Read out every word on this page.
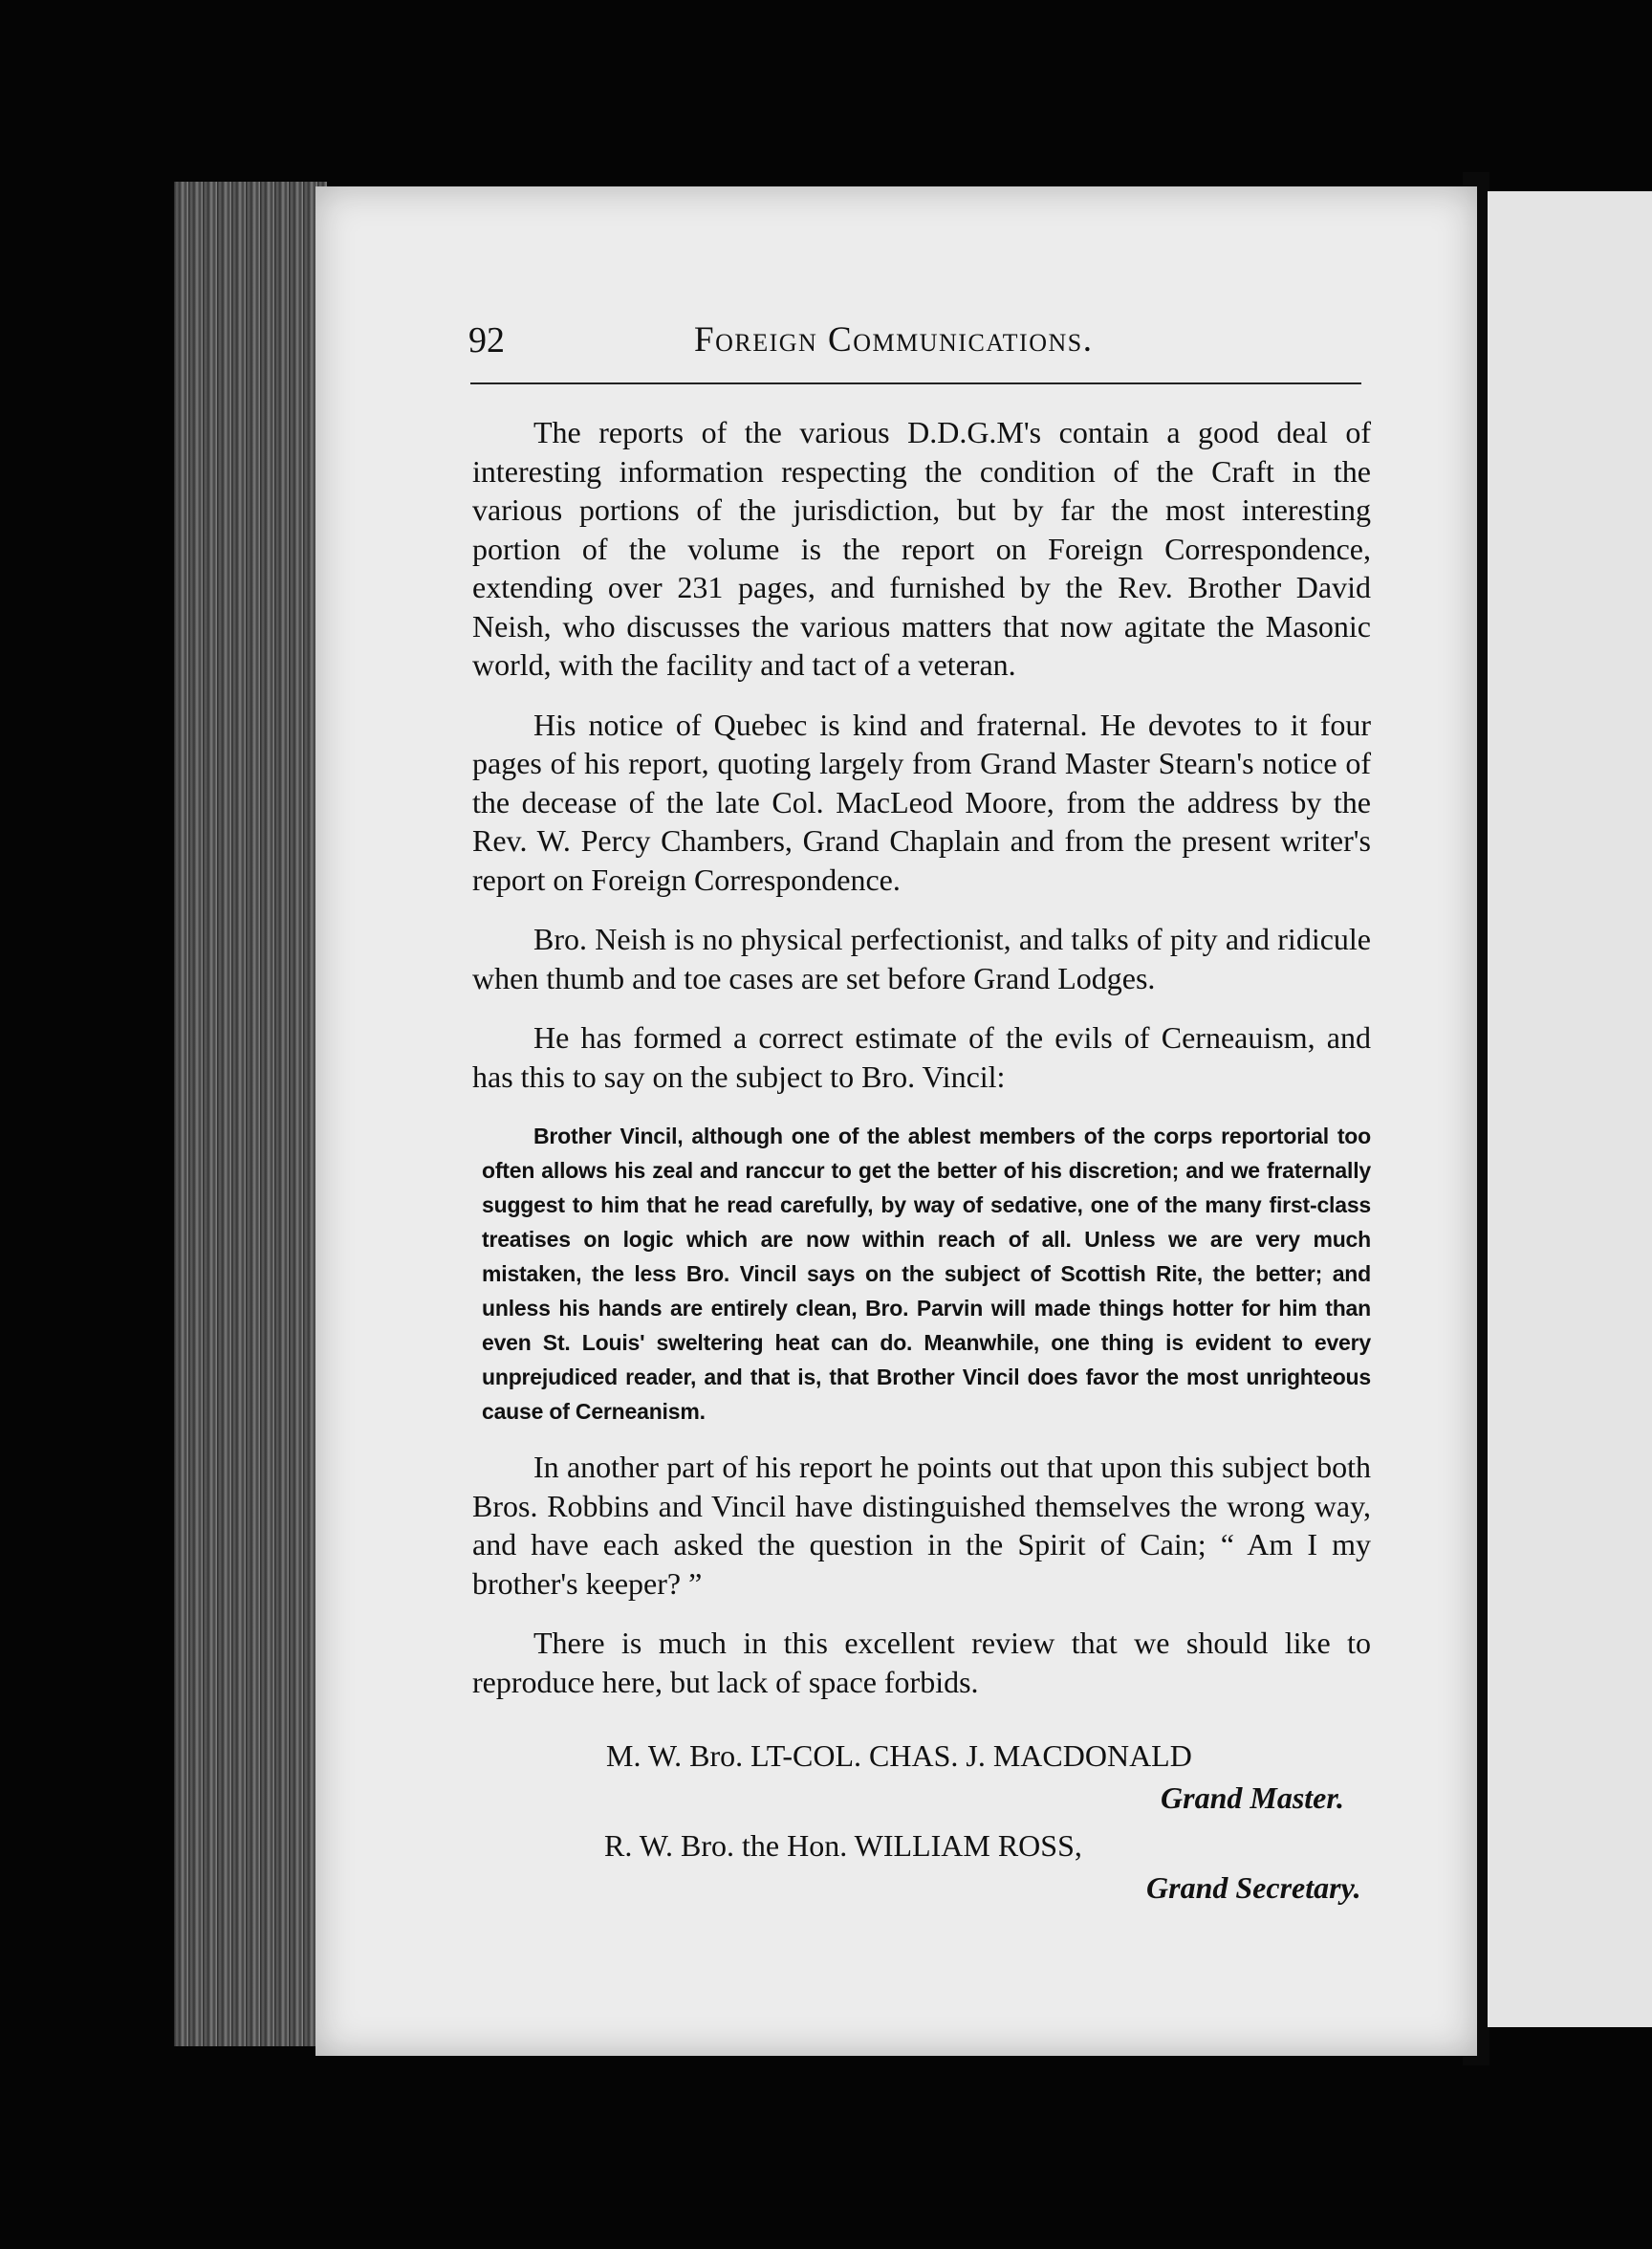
92	Foreign Communications.

The reports of the various D.D.G.M's contain a good deal of interesting information respecting the condition of the Craft in the various portions of the jurisdiction, but by far the most interesting portion of the volume is the report on Foreign Correspondence, extending over 231 pages, and furnished by the Rev. Brother David Neish, who discusses the various matters that now agitate the Masonic world, with the facility and tact of a veteran.

His notice of Quebec is kind and fraternal. He devotes to it four pages of his report, quoting largely from Grand Master Stearn's notice of the decease of the late Col. MacLeod Moore, from the address by the Rev. W. Percy Chambers, Grand Chaplain and from the present writer's report on Foreign Correspondence.

Bro. Neish is no physical perfectionist, and talks of pity and ridicule when thumb and toe cases are set before Grand Lodges.

He has formed a correct estimate of the evils of Cerneauism, and has this to say on the subject to Bro. Vincil:

Brother Vincil, although one of the ablest members of the corps reportorial too often allows his zeal and ranccur to get the better of his discretion; and we fraternally suggest to him that he read carefully, by way of sedative, one of the many first-class treatises on logic which are now within reach of all. Unless we are very much mistaken, the less Bro. Vincil says on the subject of Scottish Rite, the better; and unless his hands are entirely clean, Bro. Parvin will made things hotter for him than even St. Louis' sweltering heat can do. Meanwhile, one thing is evident to every unprejudiced reader, and that is, that Brother Vincil does favor the most unrighteous cause of Cerneanism.

In another part of his report he points out that upon this subject both Bros. Robbins and Vincil have distinguished themselves the wrong way, and have each asked the question in the Spirit of Cain; “ Am I my brother's keeper? ”

There is much in this excellent review that we should like to reproduce here, but lack of space forbids.

M. W. Bro. LT-COL. CHAS. J. MACDONALD
Grand Master.
R. W. Bro. the Hon. WILLIAM ROSS,
Grand Secretary.
